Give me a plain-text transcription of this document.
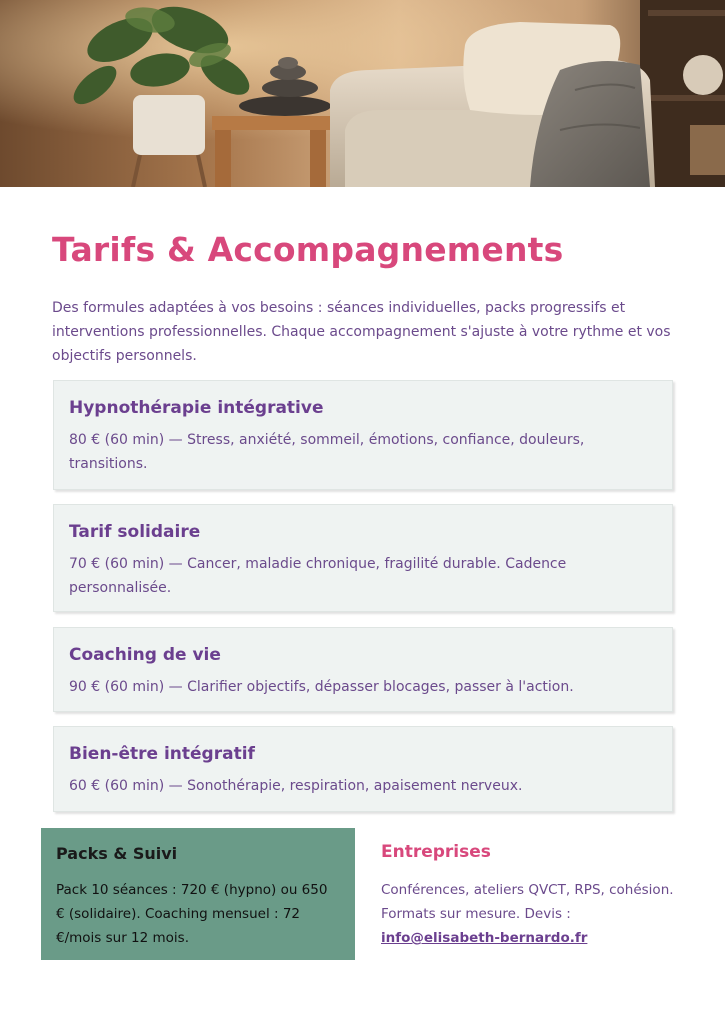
Tarifs & Accompagnements

Des formules adaptées à vos besoins : séances individuelles, packs progressifs et interventions professionnelles. Chaque accompagnement s'ajuste à votre rythme et vos objectifs personnels.

Hypnothérapie intégrative

80 € (60 min) — Stress, anxiété, sommeil, émotions, confiance, douleurs, transitions.

Tarif solidaire

70 € (60 min) — Cancer, maladie chronique, fragilité durable. Cadence personnalisée.

Coaching de vie

90 € (60 min) — Clarifier objectifs, dépasser blocages, passer à l'action.

Bien-être intégratif

60 € (60 min) — Sonothérapie, respiration, apaisement nerveux.

Packs & Suivi

Pack 10 séances : 720 € (hypno) ou 650 € (solidaire). Coaching mensuel : 72 €/mois sur 12 mois.

Entreprises

Conférences, ateliers QVCT, RPS, cohésion. Formats sur mesure. Devis : info@elisabeth-bernardo.fr
